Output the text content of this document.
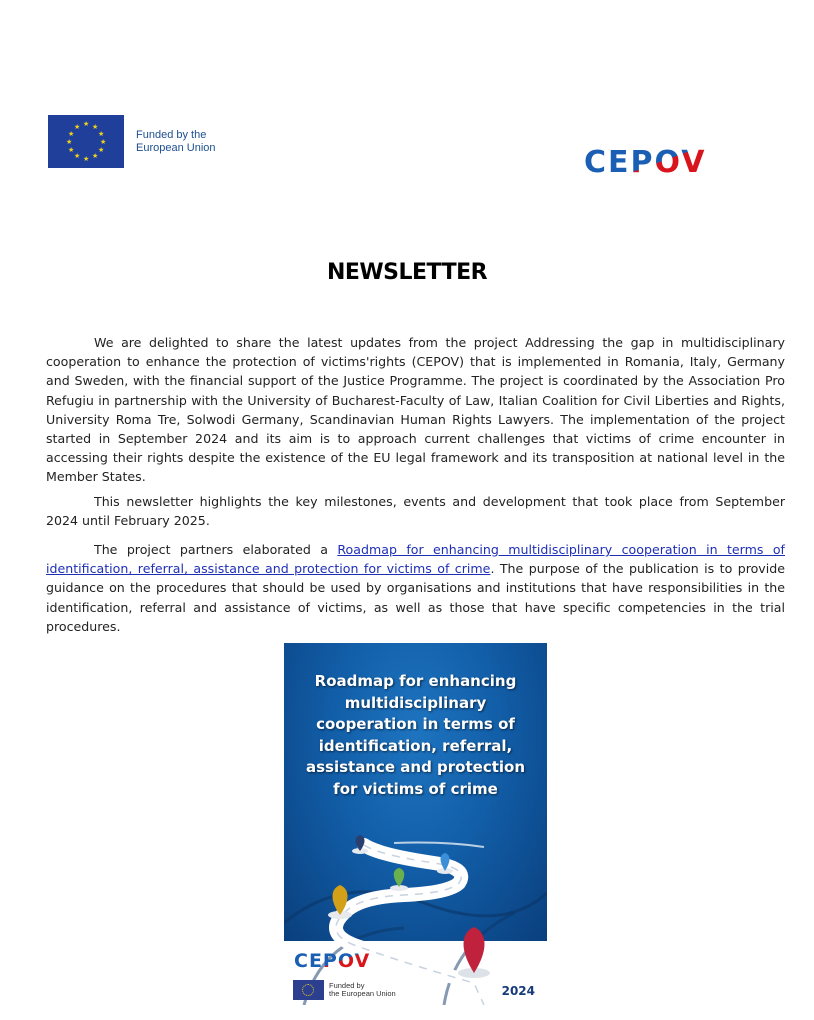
★ ★
★
★
★
★
★
★
★
★
★
★
Funded by the
European Union	CEPOV
NEWSLETTER

We are delighted to share the latest updates from the project Addressing the gap in multidisciplinary cooperation to enhance the protection of victims'rights (CEPOV) that is implemented in Romania, Italy, Germany and Sweden, with the financial support of the Justice Programme. The project is coordinated by the Association Pro Refugiu in partnership with the University of Bucharest-Faculty of Law, Italian Coalition for Civil Liberties and Rights, University Roma Tre, Solwodi Germany, Scandinavian Human Rights Lawyers. The implementation of the project started in September 2024 and its aim is to approach current challenges that victims of crime encounter in accessing their rights despite the existence of the EU legal framework and its transposition at national level in the Member States.

This newsletter highlights the key milestones, events and development that took place from September 2024 until February 2025.

The project partners elaborated a Roadmap for enhancing multidisciplinary cooperation in terms of identification, referral, assistance and protection for victims of crime. The purpose of the publication is to provide guidance on the procedures that should be used by organisations and institutions that have responsibilities in the identification, referral and assistance of victims, as well as those that have specific competencies in the trial procedures.

Roadmap for enhancing multidisciplinary cooperation in terms of identification, referral, assistance and protection for victims of crime
CEPOV
Funded by
the European Union	2024
